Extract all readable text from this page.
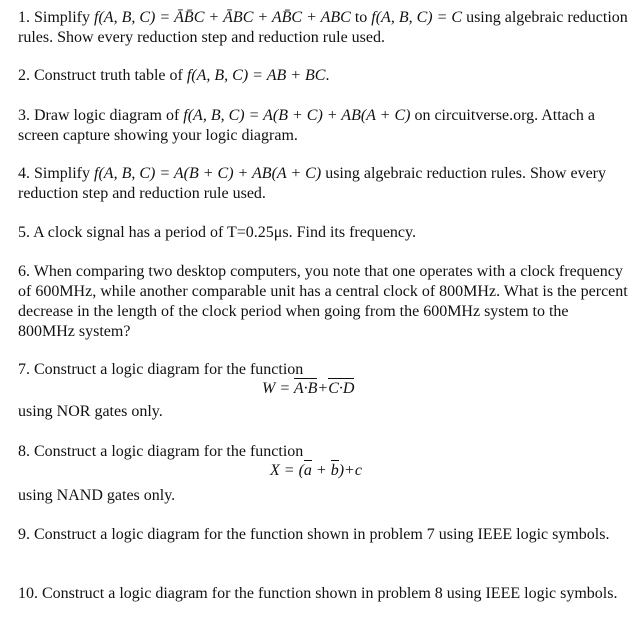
1. Simplify f(A, B, C) = ĀB̄C + ĀBC + AB̄C + ABC to f(A, B, C) = C using algebraic reduction rules. Show every reduction step and reduction rule used.

2. Construct truth table of f(A, B, C) = AB + BC.

3. Draw logic diagram of f(A, B, C) = A(B + C) + AB(A + C) on circuitverse.org. Attach a screen capture showing your logic diagram.

4. Simplify f(A, B, C) = A(B + C) + AB(A + C) using algebraic reduction rules. Show every reduction step and reduction rule used.

5. A clock signal has a period of T=0.25μs. Find its frequency.

6. When comparing two desktop computers, you note that one operates with a clock frequency of 600MHz, while another comparable unit has a central clock of 800MHz. What is the percent decrease in the length of the clock period when going from the 600MHz system to the 800MHz system?

7. Construct a logic diagram for the function

W = A·B+C·D

using NOR gates only.

8. Construct a logic diagram for the function

X = (a + b)+c

using NAND gates only.

9. Construct a logic diagram for the function shown in problem 7 using IEEE logic symbols.

10. Construct a logic diagram for the function shown in problem 8 using IEEE logic symbols.
